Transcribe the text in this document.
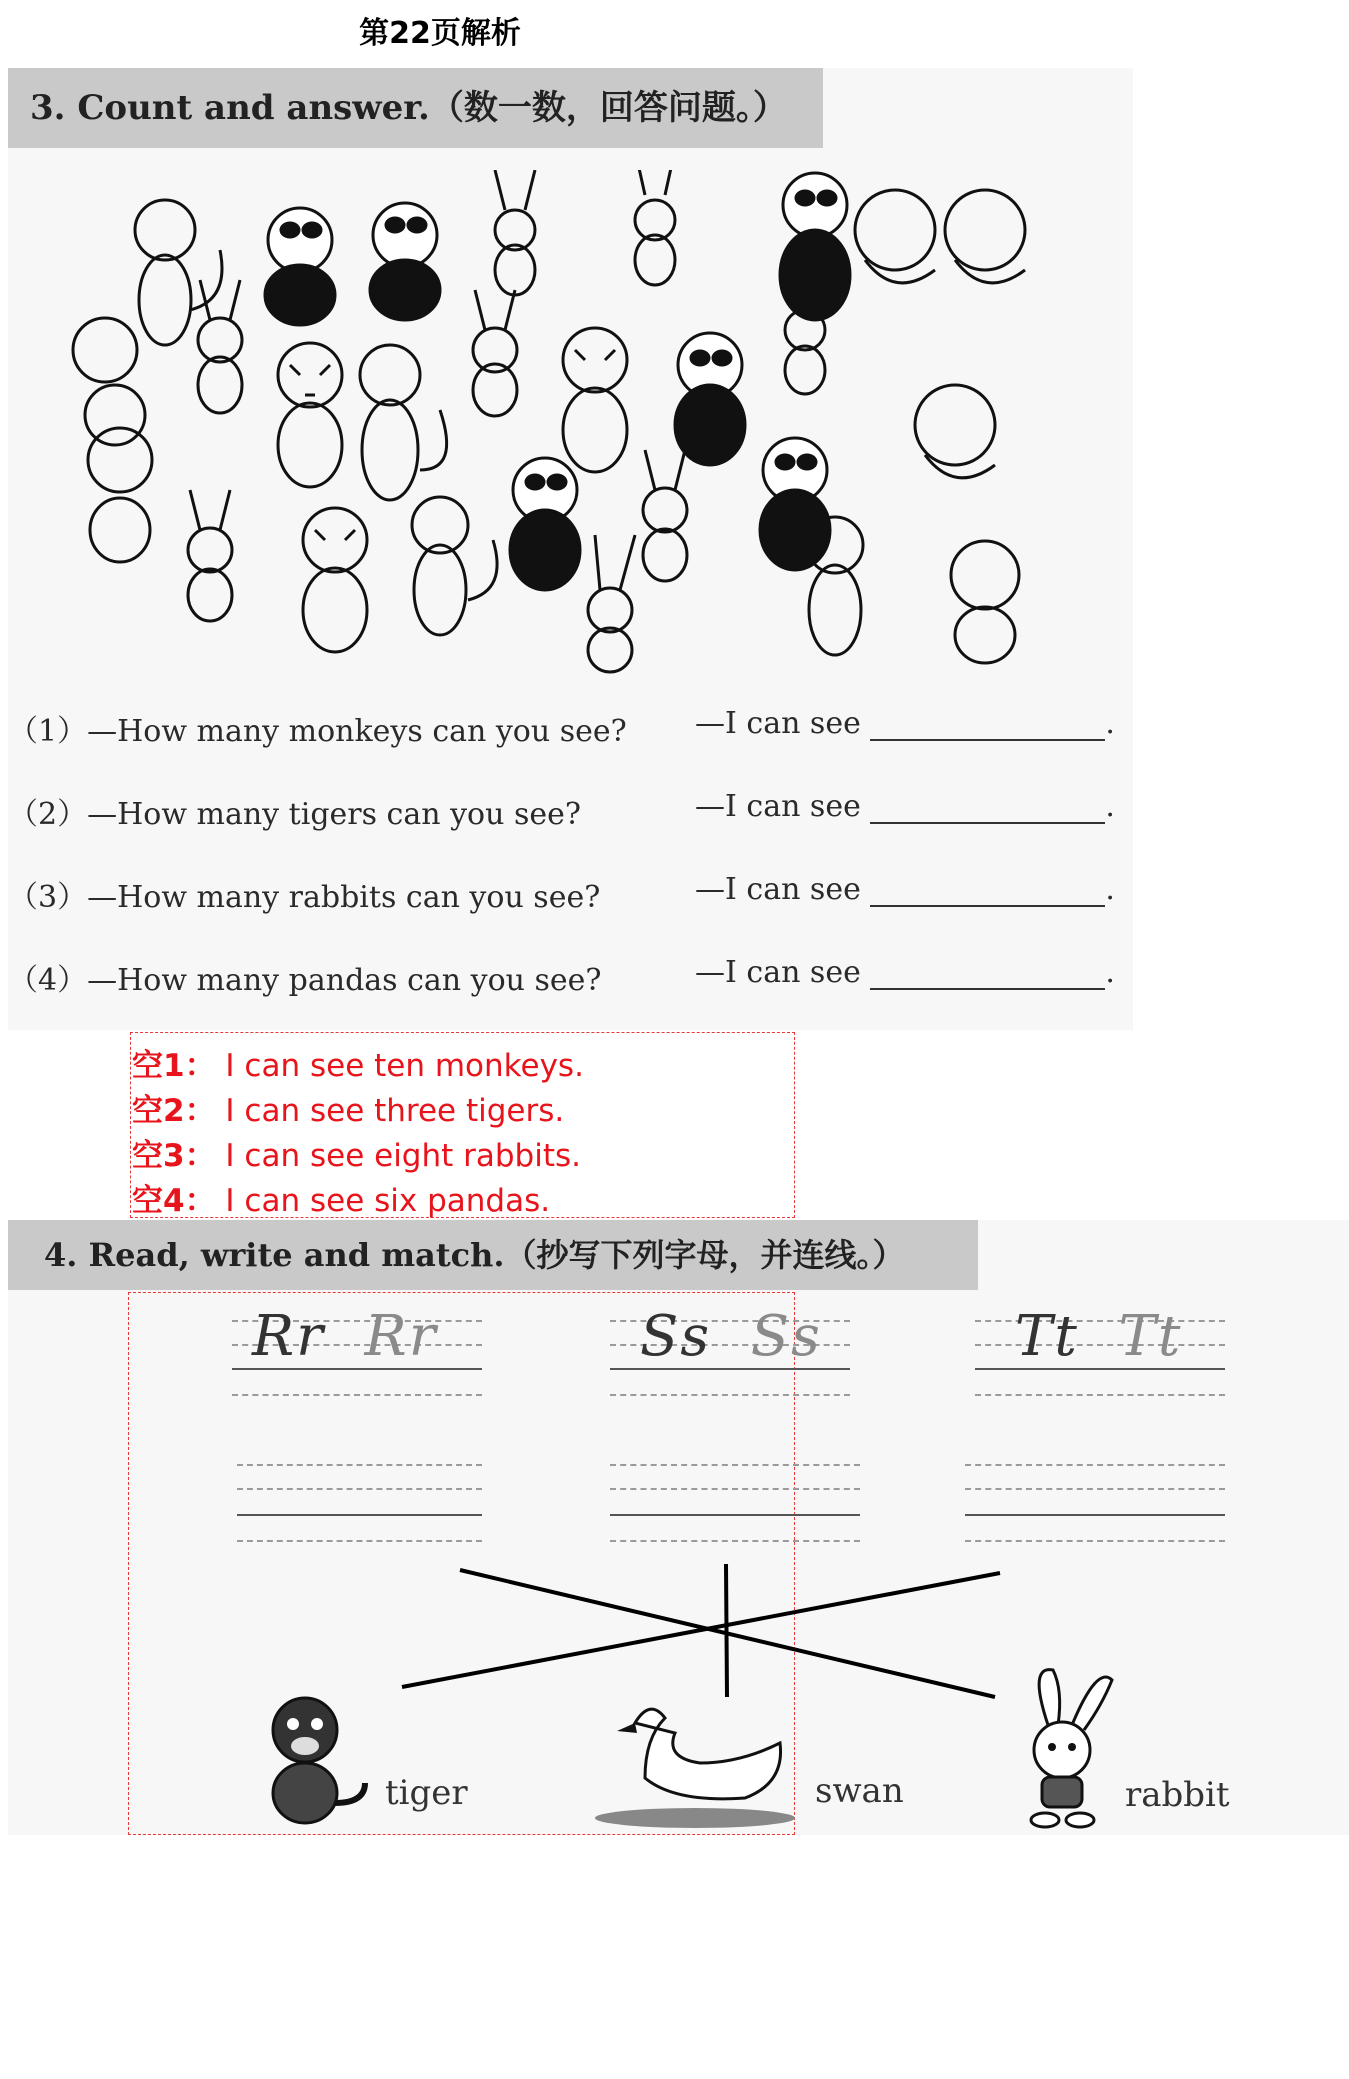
第22页解析
3. Count and answer.（数一数，回答问题。）
（1）—How many monkeys can you see? —I can see	.
（2）—How many tigers can you see?	—I can see	.
（3）—How many rabbits can you see?	—I can see	.
（4）—How many pandas can you see?	—I can see	.
空1： I can see ten monkeys.
空2： I can see three tigers.
空3： I can see eight rabbits.
空4： I can see six pandas.
4. Read, write and match.（抄写下列字母，并连线。）
Rr Rr	Ss Ss	Tt Tt
tiger	swan	rabbit
